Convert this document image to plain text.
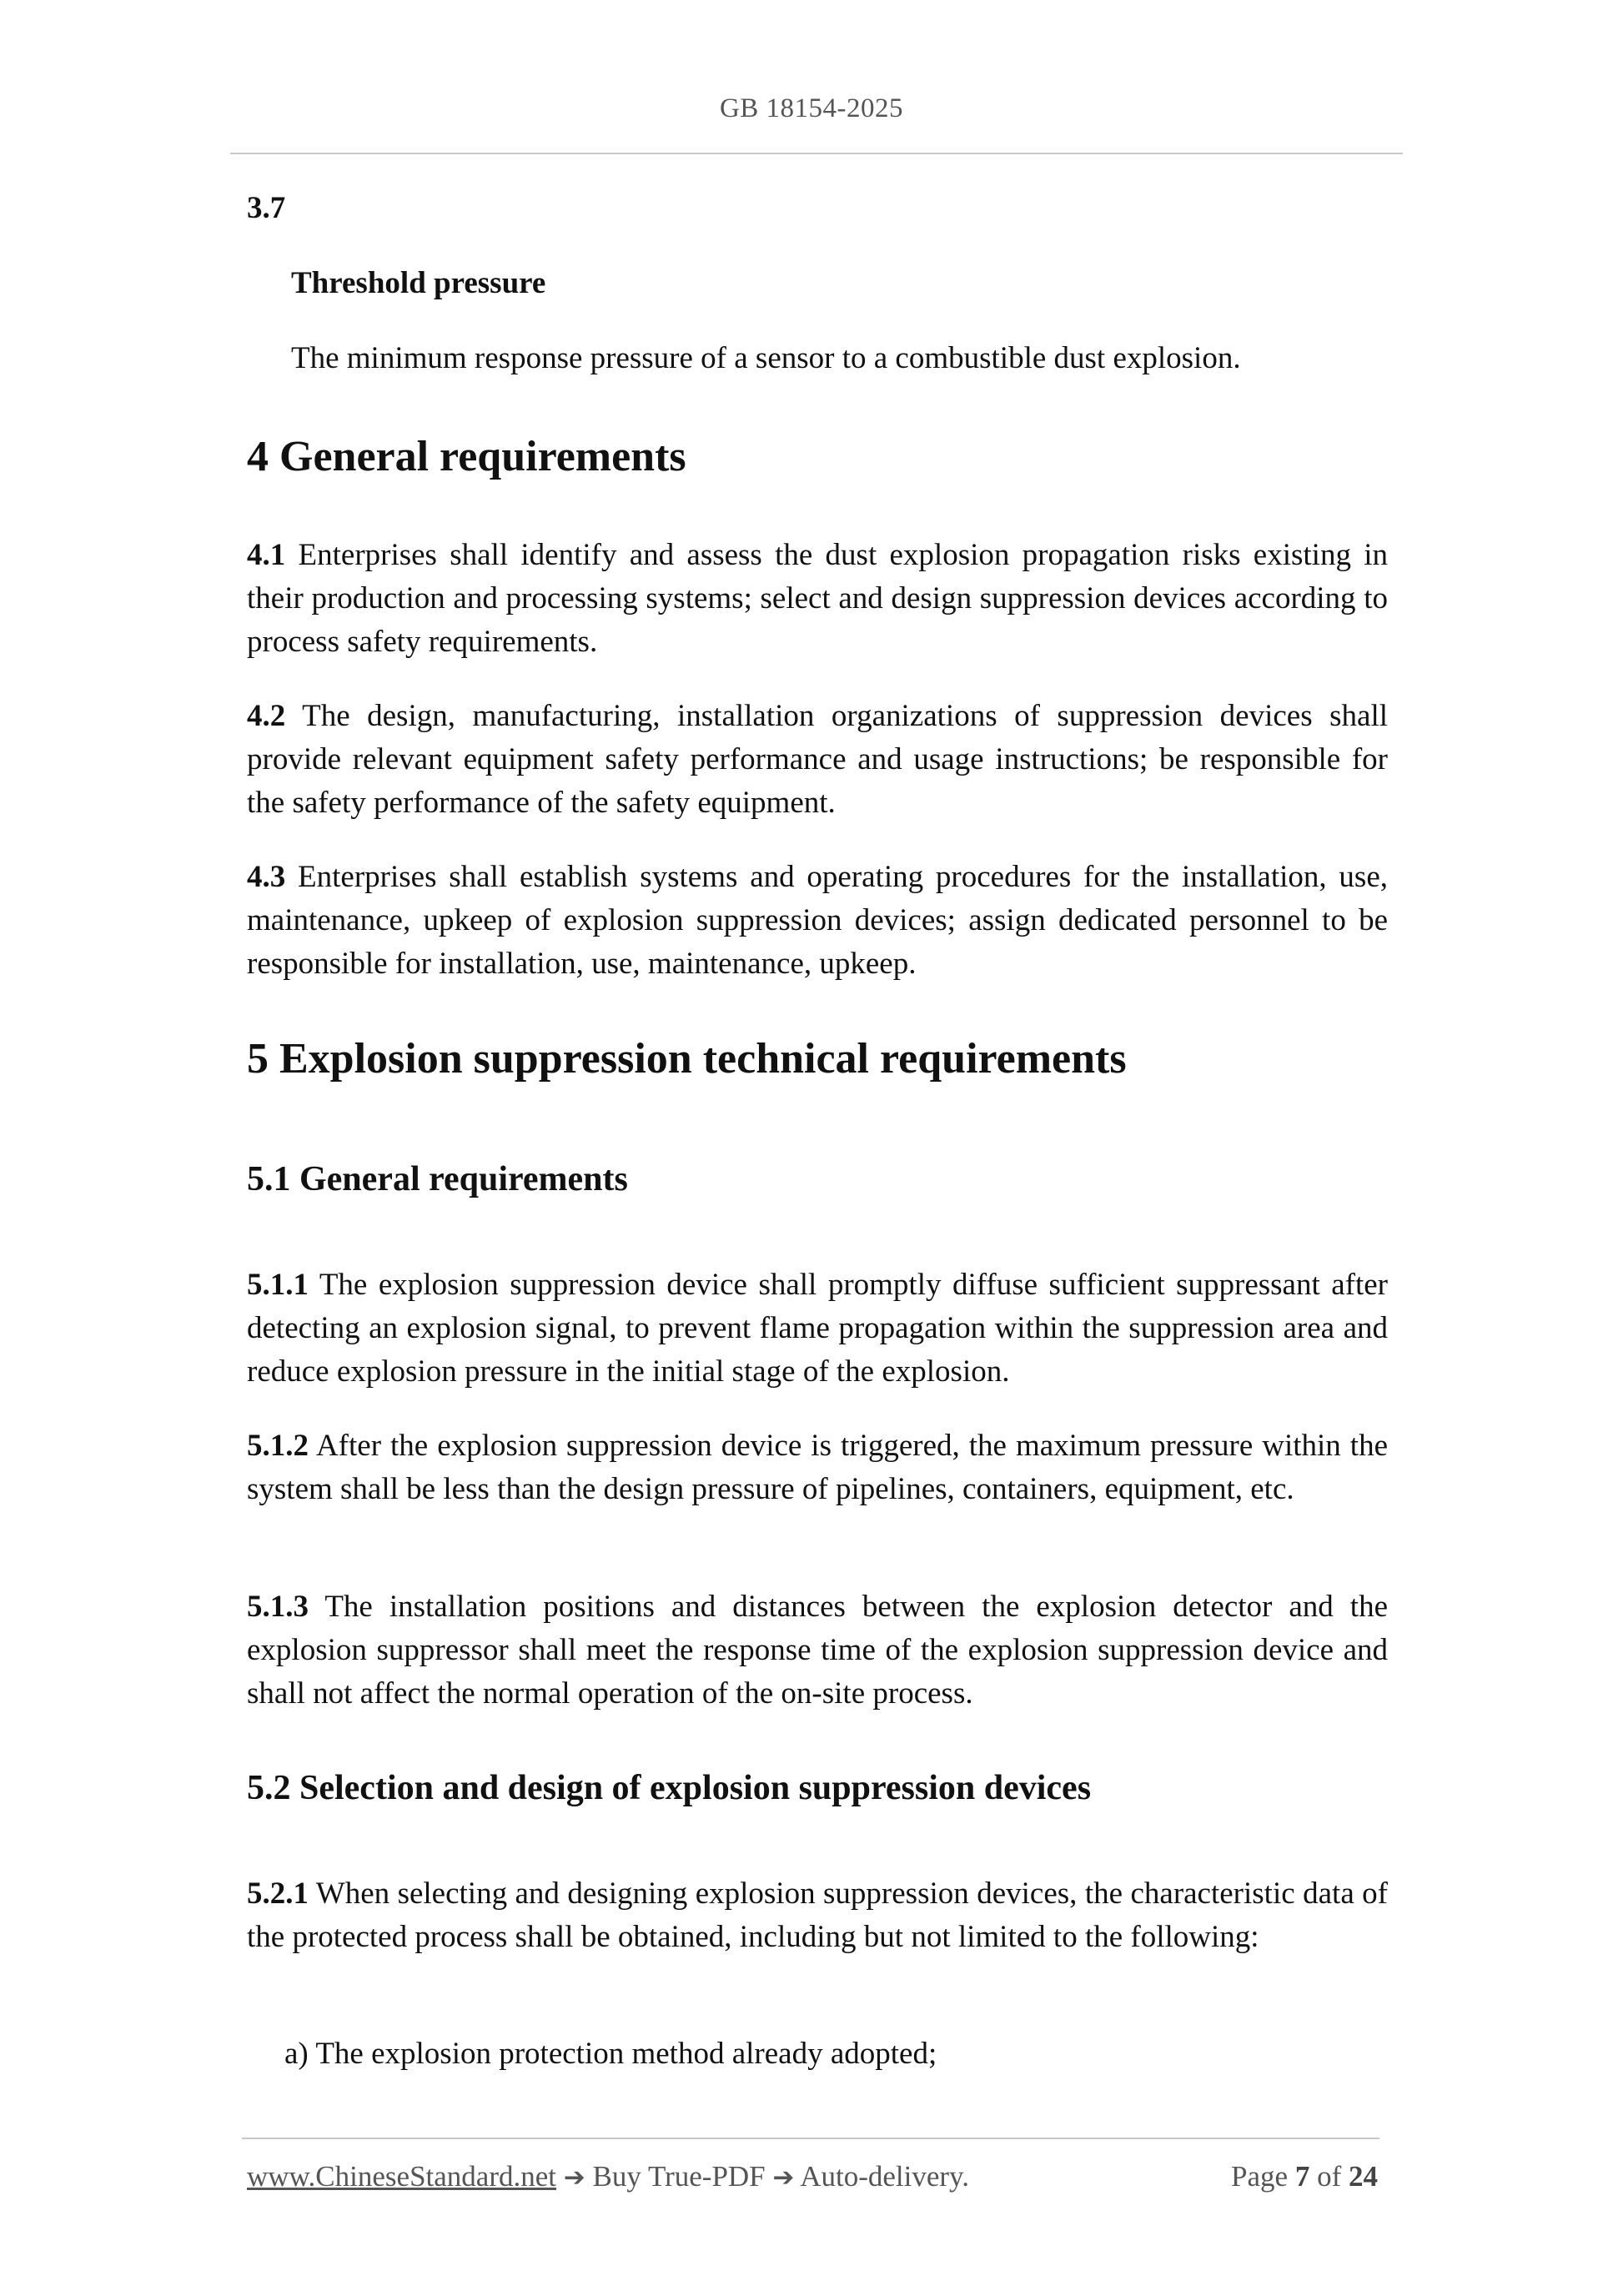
GB 18154-2025
3.7
Threshold pressure
The minimum response pressure of a sensor to a combustible dust explosion.
4 General requirements

4.1 Enterprises shall identify and assess the dust explosion propagation risks existing in their production and processing systems; select and design suppression devices according to process safety requirements.

4.2 The design, manufacturing, installation organizations of suppression devices shall provide relevant equipment safety performance and usage instructions; be responsible for the safety performance of the safety equipment.

4.3 Enterprises shall establish systems and operating procedures for the installation, use, maintenance, upkeep of explosion suppression devices; assign dedicated personnel to be responsible for installation, use, maintenance, upkeep.

5 Explosion suppression technical requirements
5.1 General requirements

5.1.1 The explosion suppression device shall promptly diffuse sufficient suppressant after detecting an explosion signal, to prevent flame propagation within the suppression area and reduce explosion pressure in the initial stage of the explosion.

5.1.2 After the explosion suppression device is triggered, the maximum pressure within the system shall be less than the design pressure of pipelines, containers, equipment, etc.

5.1.3 The installation positions and distances between the explosion detector and the explosion suppressor shall meet the response time of the explosion suppression device and shall not affect the normal operation of the on-site process.

5.2 Selection and design of explosion suppression devices

5.2.1 When selecting and designing explosion suppression devices, the characteristic data of the protected process shall be obtained, including but not limited to the following:

a) The explosion protection method already adopted;
www.ChineseStandard.net ➔ Buy True-PDF ➔ Auto-delivery.	Page 7 of 24
